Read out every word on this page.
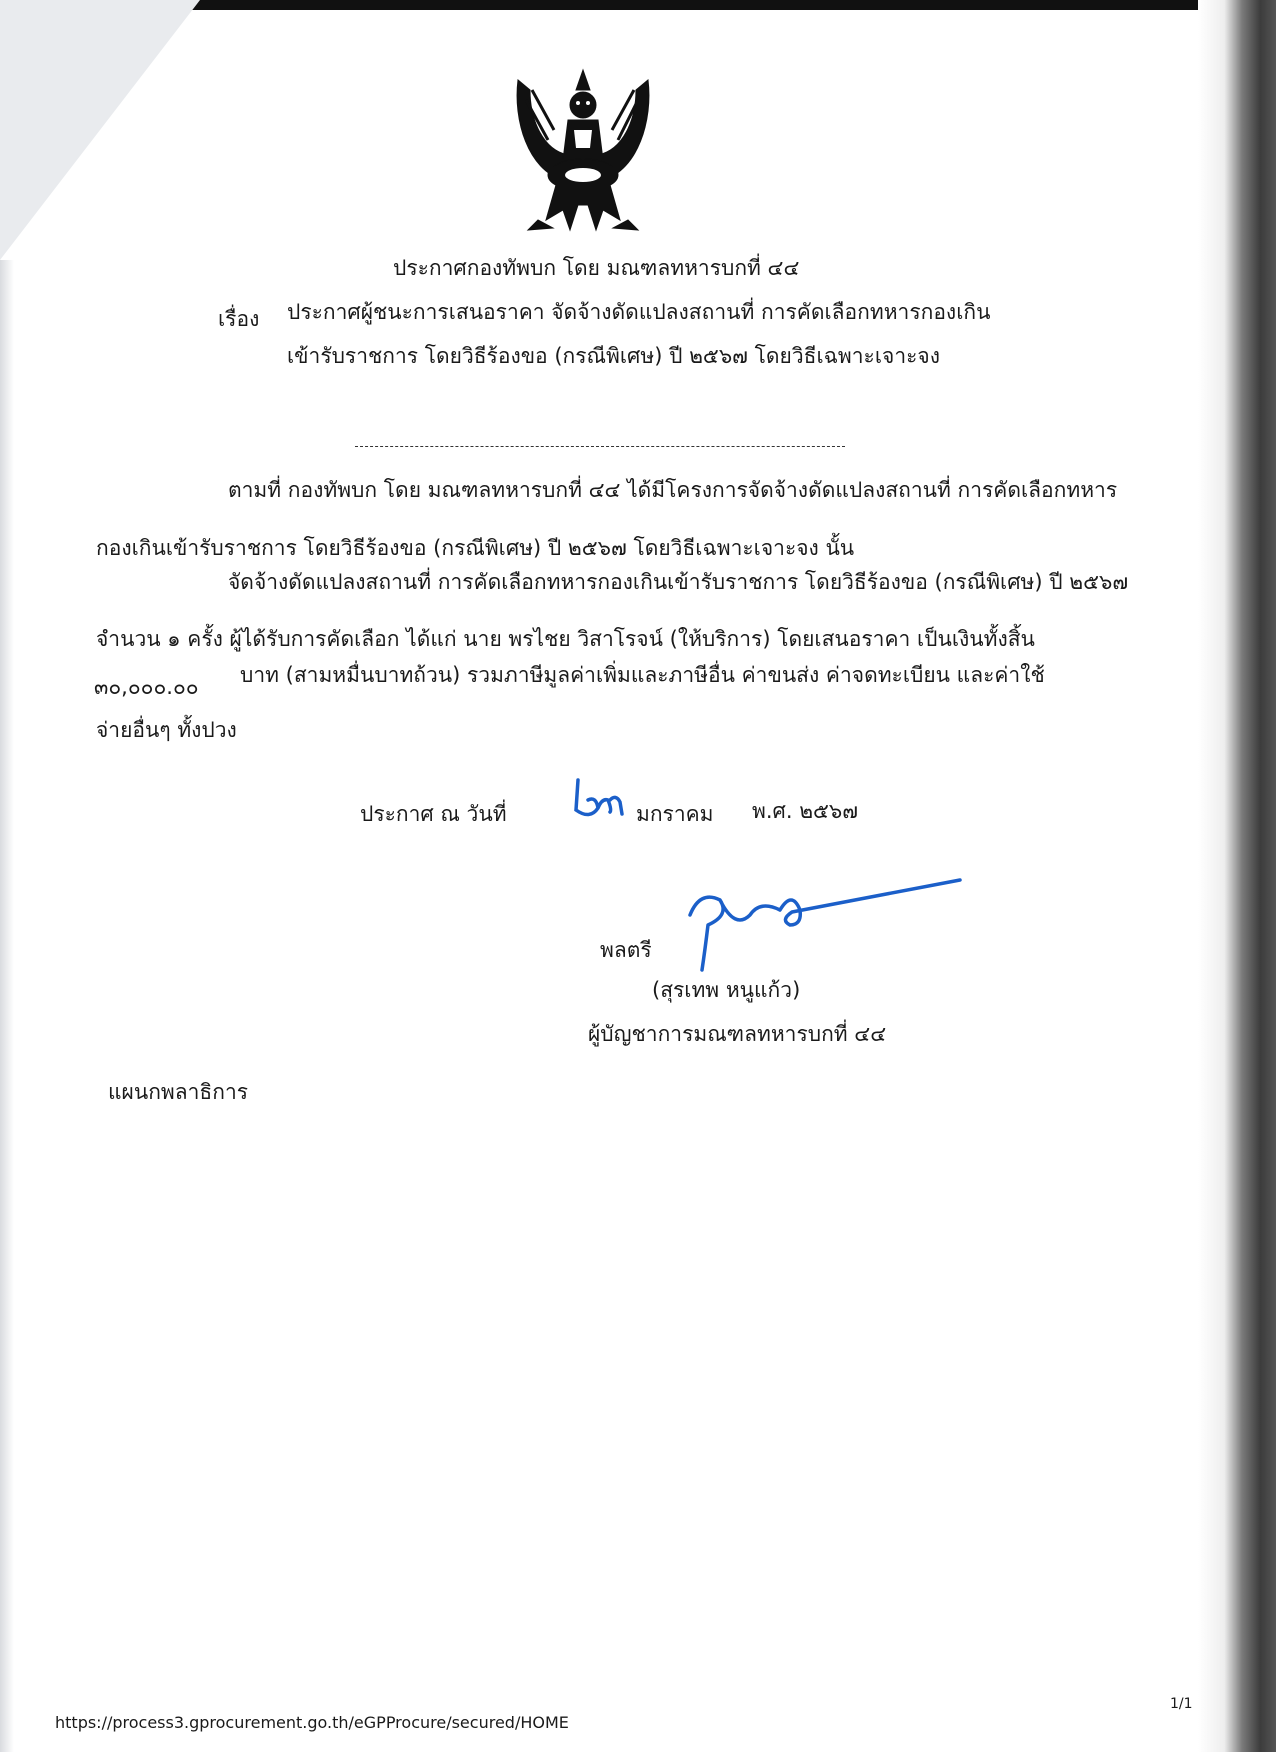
ประกาศกองทัพบก โดย มณฑลทหารบกที่ ๔๔
เรื่อง ประกาศผู้ชนะการเสนอราคา จัดจ้างดัดแปลงสถานที่ การคัดเลือกทหารกองเกิน
เข้ารับราชการ โดยวิธีร้องขอ (กรณีพิเศษ) ปี ๒๕๖๗ โดยวิธีเฉพาะเจาะจง
ตามที่ กองทัพบก โดย มณฑลทหารบกที่ ๔๔ ได้มีโครงการจัดจ้างดัดแปลงสถานที่ การคัดเลือกทหาร
กองเกินเข้ารับราชการ โดยวิธีร้องขอ (กรณีพิเศษ) ปี ๒๕๖๗ โดยวิธีเฉพาะเจาะจง นั้น
จัดจ้างดัดแปลงสถานที่ การคัดเลือกทหารกองเกินเข้ารับราชการ โดยวิธีร้องขอ (กรณีพิเศษ) ปี ๒๕๖๗
จำนวน ๑ ครั้ง ผู้ได้รับการคัดเลือก ได้แก่ นาย พรไชย วิสาโรจน์ (ให้บริการ) โดยเสนอราคา เป็นเงินทั้งสิ้น
๓๐,๐๐๐.๐๐ บาท (สามหมื่นบาทถ้วน) รวมภาษีมูลค่าเพิ่มและภาษีอื่น ค่าขนส่ง ค่าจดทะเบียน และค่าใช้
จ่ายอื่นๆ ทั้งปวง
ประกาศ ณ วันที่	มกราคม พ.ศ. ๒๕๖๗
พลตรี
(สุรเทพ หนูแก้ว)
ผู้บัญชาการมณฑลทหารบกที่ ๔๔
แผนกพลาธิการ
https://process3.gprocurement.go.th/eGPProcure/secured/HOME
1/1
